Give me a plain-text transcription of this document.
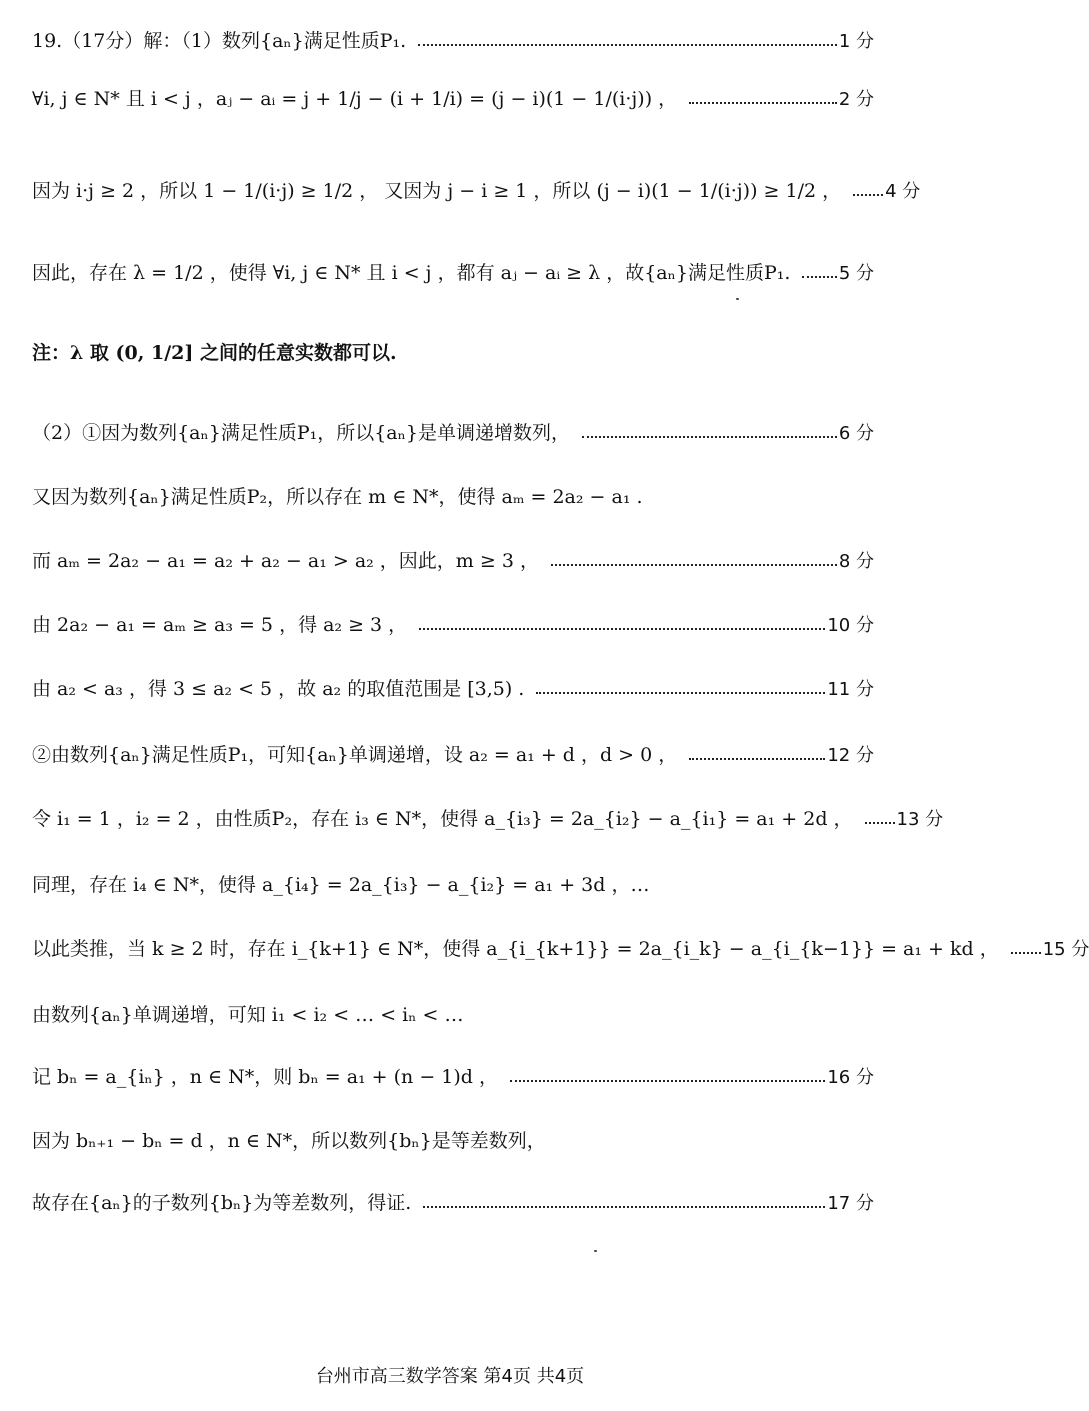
19.（17分）解：（1）数列{aₙ}满足性质P₁.	1 分
∀i, j ∈ N* 且 i < j ，aⱼ − aᵢ = j + 1/j − (i + 1/i) = (j − i)(1 − 1/(i·j)) ，	2 分
因为 i·j ≥ 2 ，所以 1 − 1/(i·j) ≥ 1/2 ， 又因为 j − i ≥ 1 ，所以 (j − i)(1 − 1/(i·j)) ≥ 1/2 ， 4 分
因此，存在 λ = 1/2 ，使得 ∀i, j ∈ N* 且 i < j ，都有 aⱼ − aᵢ ≥ λ ，故{aₙ}满足性质P₁.	5 分
注：λ 取 (0, 1/2] 之间的任意实数都可以.
（2）①因为数列{aₙ}满足性质P₁，所以{aₙ}是单调递增数列，	6 分
又因为数列{aₙ}满足性质P₂，所以存在 m ∈ N*，使得 aₘ = 2a₂ − a₁ .
而 aₘ = 2a₂ − a₁ = a₂ + a₂ − a₁ > a₂ ，因此，m ≥ 3 ，	8 分
由 2a₂ − a₁ = aₘ ≥ a₃ = 5 ，得 a₂ ≥ 3 ，	10 分
由 a₂ < a₃ ，得 3 ≤ a₂ < 5 ，故 a₂ 的取值范围是 [3,5) .	11 分
②由数列{aₙ}满足性质P₁，可知{aₙ}单调递增，设 a₂ = a₁ + d ，d > 0 ，	12 分
令 i₁ = 1 ，i₂ = 2 ，由性质P₂，存在 i₃ ∈ N*，使得 a_{i₃} = 2a_{i₂} − a_{i₁} = a₁ + 2d ， 13 分
同理，存在 i₄ ∈ N*，使得 a_{i₄} = 2a_{i₃} − a_{i₂} = a₁ + 3d ，…
以此类推，当 k ≥ 2 时，存在 i_{k+1} ∈ N*，使得 a_{i_{k+1}} = 2a_{i_k} − a_{i_{k−1}} = a₁ + kd ， 15 分
由数列{aₙ}单调递增，可知 i₁ < i₂ < … < iₙ < …
记 bₙ = a_{iₙ} ，n ∈ N*，则 bₙ = a₁ + (n − 1)d ，	16 分
因为 bₙ₊₁ − bₙ = d ，n ∈ N*，所以数列{bₙ}是等差数列，
故存在{aₙ}的子数列{bₙ}为等差数列，得证.	17 分
台州市高三数学答案 第4页 共4页
